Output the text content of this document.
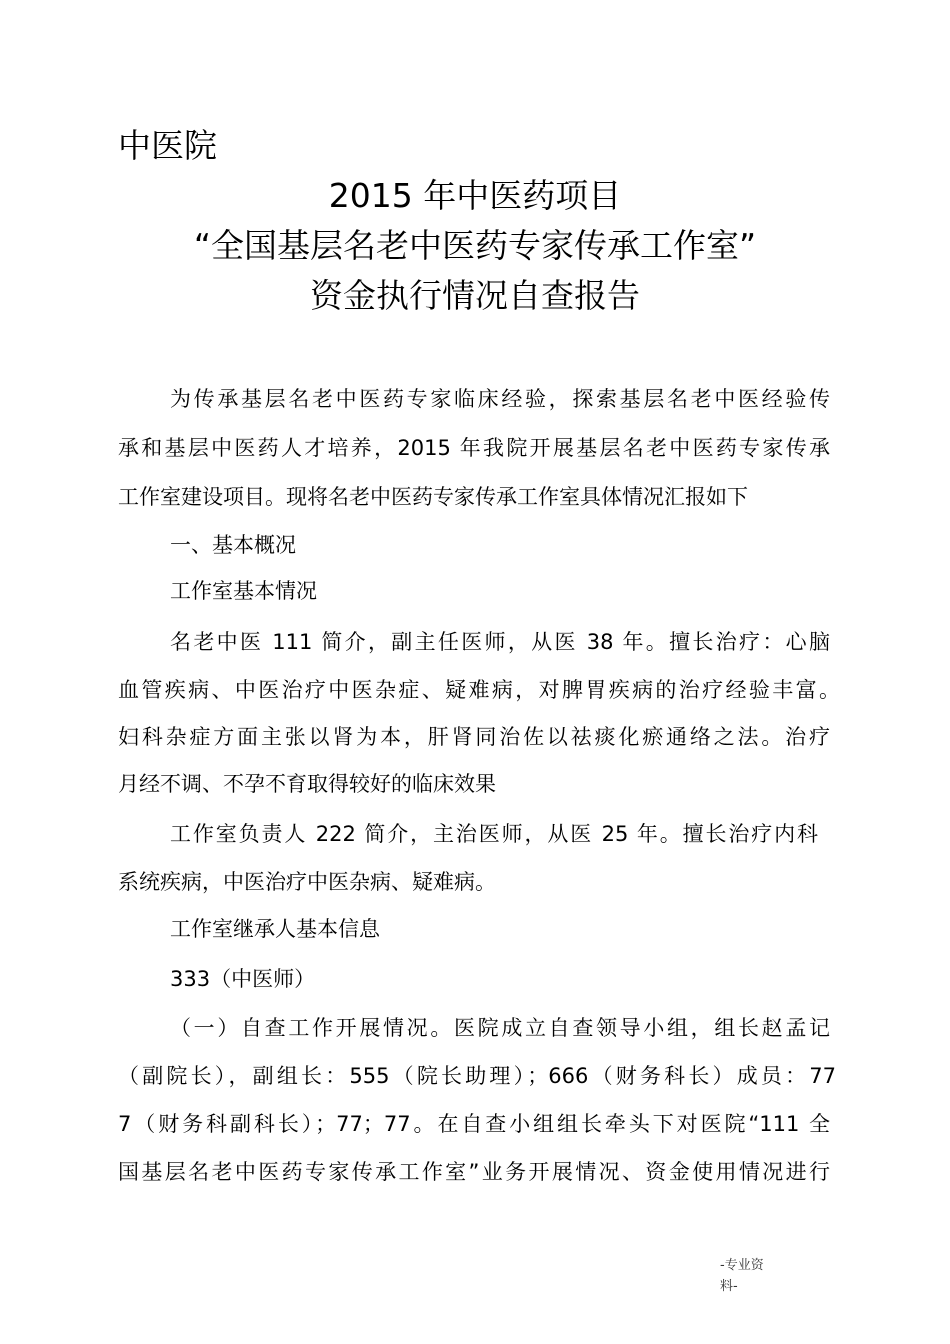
中医院
2015 年中医药项目
“全国基层名老中医药专家传承工作室”
资金执行情况自查报告
为传承基层名老中医药专家临床经验，探索基层名老中医经验传
承和基层中医药人才培养，2015 年我院开展基层名老中医药专家传承
工作室建设项目。现将名老中医药专家传承工作室具体情况汇报如下
一、基本概况
工作室基本情况
名老中医 111 简介，副主任医师，从医 38 年。擅长治疗：心脑
血管疾病、中医治疗中医杂症、疑难病，对脾胃疾病的治疗经验丰富。
妇科杂症方面主张以肾为本，肝肾同治佐以祛痰化瘀通络之法。治疗
月经不调、不孕不育取得较好的临床效果
工作室负责人 222 简介，主治医师，从医 25 年。擅长治疗内科
系统疾病，中医治疗中医杂病、疑难病。
工作室继承人基本信息
333（中医师）
（一）自查工作开展情况。医院成立自查领导小组，组长赵孟记
（副院长），副组长：555（院长助理）；666（财务科长）成员：77
7（财务科副科长）；77；77。在自查小组组长牵头下对医院“111 全
国基层名老中医药专家传承工作室”业务开展情况、资金使用情况进行
-专业资料-
